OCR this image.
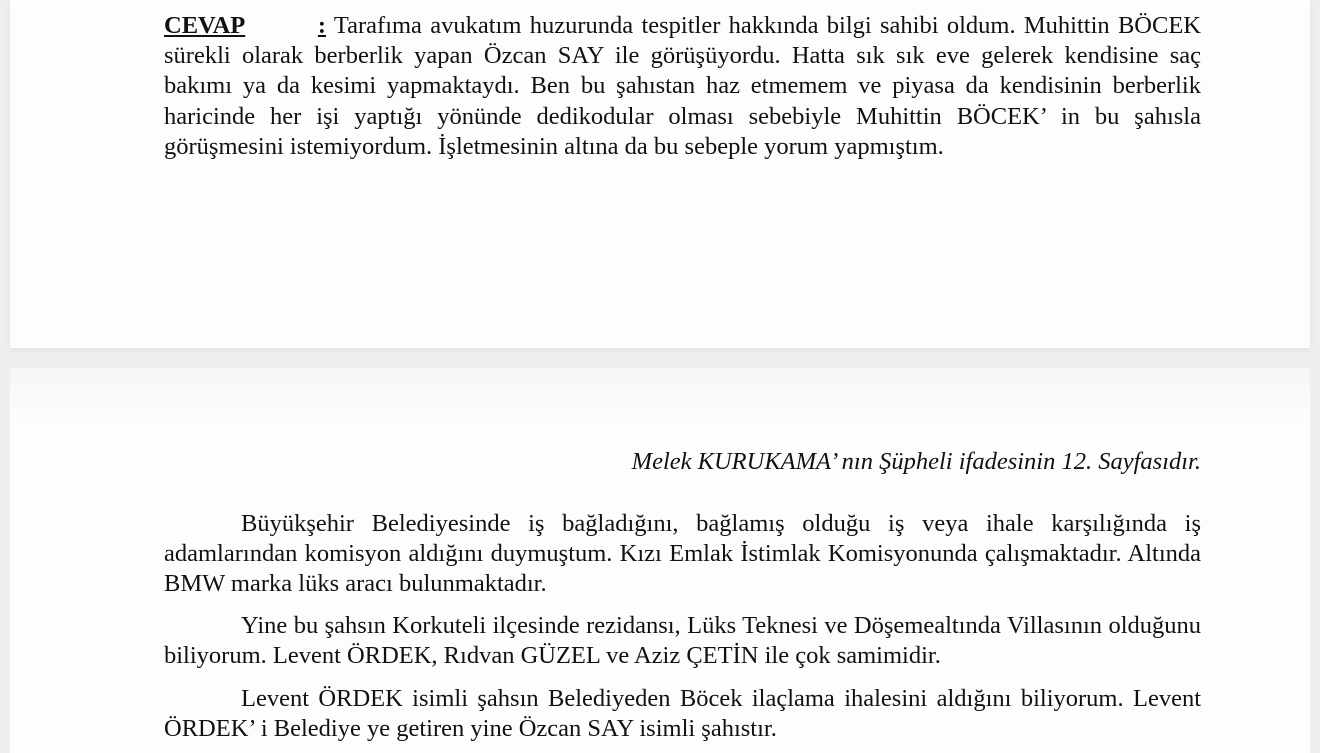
CEVAP	: Tarafıma avukatım huzurunda tespitler hakkında bilgi sahibi oldum. Muhittin BÖCEK sürekli olarak berberlik yapan Özcan SAY ile görüşüyordu. Hatta sık sık eve gelerek kendisine saç bakımı ya da kesimi yapmaktaydı. Ben bu şahıstan haz etmemem ve piyasa da kendisinin berberlik haricinde her işi yaptığı yönünde dedikodular olması sebebiyle Muhittin BÖCEK’ in bu şahısla görüşmesini istemiyordum. İşletmesinin altına da bu sebeple yorum yapmıştım.

Melek KURUKAMA’ nın Şüpheli ifadesinin 12. Sayfasıdır.

Büyükşehir Belediyesinde iş bağladığını, bağlamış olduğu iş veya ihale karşılığında iş adamlarından komisyon aldığını duymuştum. Kızı Emlak İstimlak Komisyonunda çalışmaktadır. Altında BMW marka lüks aracı bulunmaktadır.

Yine bu şahsın Korkuteli ilçesinde rezidansı, Lüks Teknesi ve Döşemealtında Villasının olduğunu biliyorum. Levent ÖRDEK, Rıdvan GÜZEL ve Aziz ÇETİN ile çok samimidir.

Levent ÖRDEK isimli şahsın Belediyeden Böcek ilaçlama ihalesini aldığını biliyorum. Levent ÖRDEK’ i Belediye ye getiren yine Özcan SAY isimli şahıstır.
